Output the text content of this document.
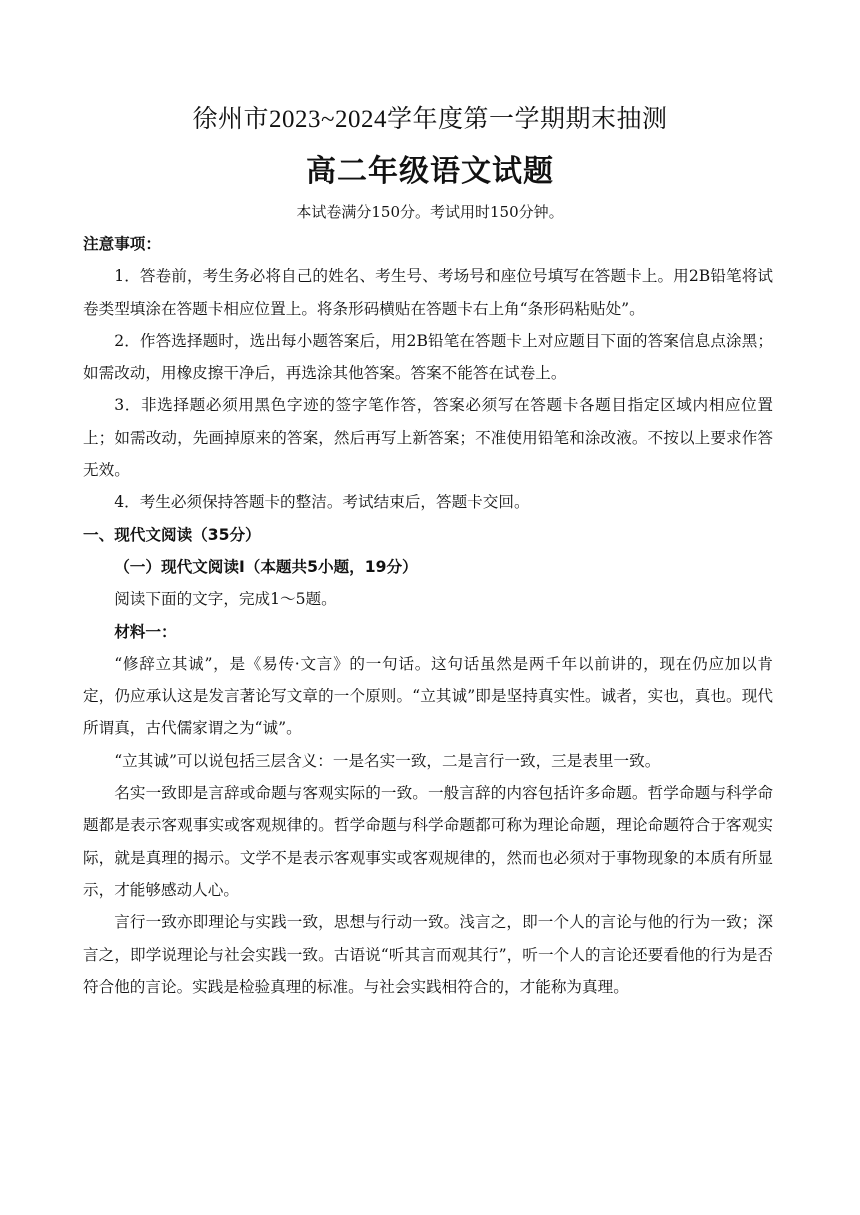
徐州市2023~2024学年度第一学期期末抽测
高二年级语文试题
本试卷满分150分。考试用时150分钟。

注意事项：

1．答卷前，考生务必将自己的姓名、考生号、考场号和座位号填写在答题卡上。用2B铅笔将试卷类型填涂在答题卡相应位置上。将条形码横贴在答题卡右上角“条形码粘贴处”。

2．作答选择题时，选出每小题答案后，用2B铅笔在答题卡上对应题目下面的答案信息点涂黑；如需改动，用橡皮擦干净后，再选涂其他答案。答案不能答在试卷上。

3．非选择题必须用黑色字迹的签字笔作答，答案必须写在答题卡各题目指定区域内相应位置上；如需改动，先画掉原来的答案，然后再写上新答案；不准使用铅笔和涂改液。不按以上要求作答无效。

4．考生必须保持答题卡的整洁。考试结束后，答题卡交回。

一、现代文阅读（35分）

（一）现代文阅读Ⅰ（本题共5小题，19分）

阅读下面的文字，完成1～5题。

材料一：

“修辞立其诚”，是《易传·文言》的一句话。这句话虽然是两千年以前讲的，现在仍应加以肯定，仍应承认这是发言著论写文章的一个原则。“立其诚”即是坚持真实性。诚者，实也，真也。现代所谓真，古代儒家谓之为“诚”。

“立其诚”可以说包括三层含义：一是名实一致，二是言行一致，三是表里一致。

名实一致即是言辞或命题与客观实际的一致。一般言辞的内容包括许多命题。哲学命题与科学命题都是表示客观事实或客观规律的。哲学命题与科学命题都可称为理论命题，理论命题符合于客观实际，就是真理的揭示。文学不是表示客观事实或客观规律的，然而也必须对于事物现象的本质有所显示，才能够感动人心。

言行一致亦即理论与实践一致，思想与行动一致。浅言之，即一个人的言论与他的行为一致；深言之，即学说理论与社会实践一致。古语说“听其言而观其行”，听一个人的言论还要看他的行为是否符合他的言论。实践是检验真理的标准。与社会实践相符合的，才能称为真理。
